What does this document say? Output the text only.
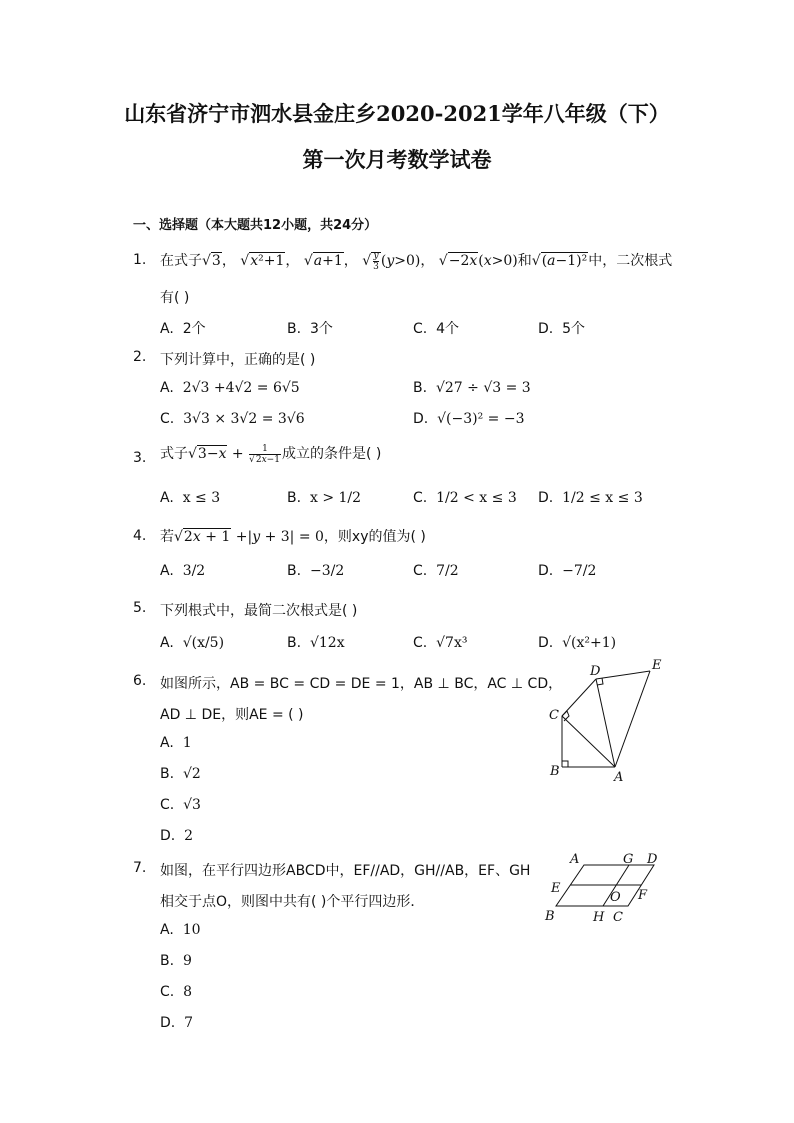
山东省济宁市泗水县金庄乡2020-2021学年八年级（下）
第一次月考数学试卷
一、选择题（本大题共12小题，共24分）
1. 在式子√3， √x²+1， √a+1， √ $\frac{y}{3} (y>0)$， √−2x(x>0)和√(a−1)²中，二次根式
有( )
A. 2个	B. 3个	C. 4个	D. 5个
2. 下列计算中，正确的是( )
A. 2√3 +4√2 = 6√5	B. √27 ÷ √3 = 3
C. 3√3 × 3√2 = 3√6	D. √(−3)² = −3
3. 式子$√3-x + \frac{1}{√2x-1}$ 成立的条件是( )
A. x ≤ 3	B. x > 1/2	C. 1/2 < x ≤ 3 D. 1/2 ≤ x ≤ 3
4. 若√2x + 1 +|y + 3| = 0，则xy的值为( )
A. 3/2	B. −3/2	C. 7/2	D. −7/2
5. 下列根式中，最简二次根式是( )
A. √(x/5)	B. √12x	C. √7x³	D. √(x²+1)
6. 如图所示，AB = BC = CD = DE = 1，AB ⊥ BC，AC ⊥ CD，
AD ⊥ DE，则AE = ( )
A. 1
B. √2
C. √3
D. 2
D	E
C
B	A
7. 如图，在平行四边形ABCD中，EF//AD，GH//AB，EF、GH
相交于点O，则图中共有( )个平行四边形．
A. 10
B. 9
C. 8
D. 7
A	G D
E
O F
B	H C
